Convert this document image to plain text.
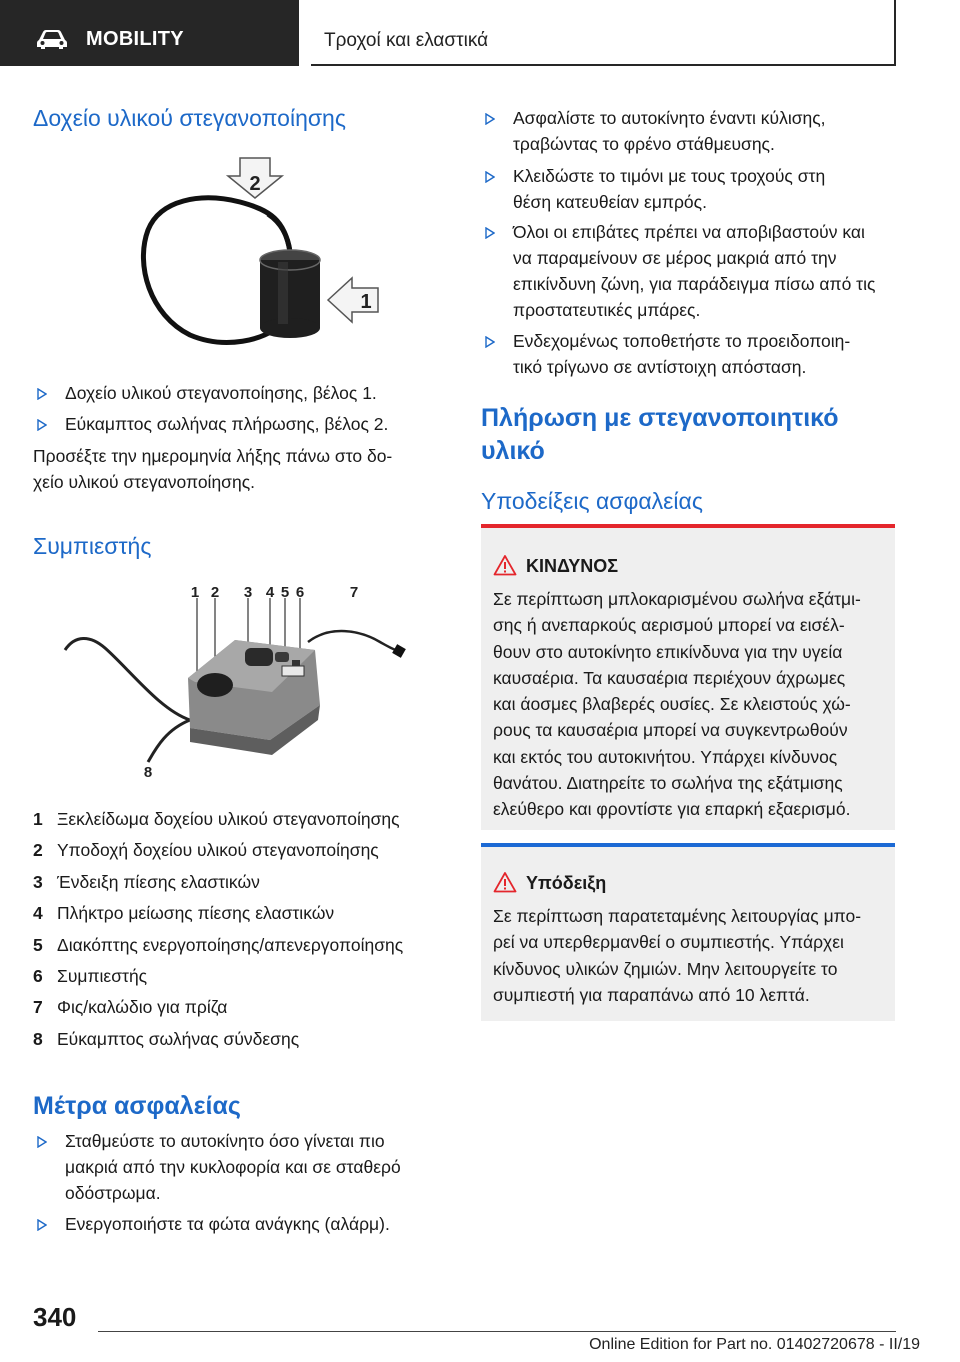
MOBILITY	Τροχοί και ελαστικά
Δοχείο υλικού στεγανοποίησης
2
1
Δοχείο υλικού στεγανοποίησης, βέλος 1.
Εύκαμπτος σωλήνας πλήρωσης, βέλος 2.
Προσέξτε την ημερομηνία λήξης πάνω στο δο-
χείο υλικού στεγανοποίησης.
Συμπιεστής
1 2 3 4 5 6	7
8
1 Ξεκλείδωμα δοχείου υλικού στεγανοποίησης
2 Υποδοχή δοχείου υλικού στεγανοποίησης
3 Ένδειξη πίεσης ελαστικών
4 Πλήκτρο μείωσης πίεσης ελαστικών
5 Διακόπτης ενεργοποίησης/απενεργοποίησης
6 Συμπιεστής
7 Φις/καλώδιο για πρίζα
8 Εύκαμπτος σωλήνας σύνδεσης
Μέτρα ασφαλείας
Σταθμεύστε το αυτοκίνητο όσο γίνεται πιο
μακριά από την κυκλοφορία και σε σταθερό
οδόστρωμα.
Ενεργοποιήστε τα φώτα ανάγκης (αλάρμ).
Ασφαλίστε το αυτοκίνητο έναντι κύλισης,
τραβώντας το φρένο στάθμευσης.
Κλειδώστε το τιμόνι με τους τροχούς στη
θέση κατευθείαν εμπρός.
Όλοι οι επιβάτες πρέπει να αποβιβαστούν και
να παραμείνουν σε μέρος μακριά από την
επικίνδυνη ζώνη, για παράδειγμα πίσω από τις
προστατευτικές μπάρες.
Ενδεχομένως τοποθετήστε το προειδοποιη-
τικό τρίγωνο σε αντίστοιχη απόσταση.
Πλήρωση με στεγανοποιητικό
υλικό
Υποδείξεις ασφαλείας
ΚΙΝΔΥΝΟΣ
Σε περίπτωση μπλοκαρισμένου σωλήνα εξάτμι-
σης ή ανεπαρκούς αερισμού μπορεί να εισέλ-
θουν στο αυτοκίνητο επικίνδυνα για την υγεία
καυσαέρια. Τα καυσαέρια περιέχουν άχρωμες
και άοσμες βλαβερές ουσίες. Σε κλειστούς χώ-
ρους τα καυσαέρια μπορεί να συγκεντρωθούν
και εκτός του αυτοκινήτου. Υπάρχει κίνδυνος
θανάτου. Διατηρείτε το σωλήνα της εξάτμισης
ελεύθερο και φροντίστε για επαρκή εξαερισμό.
Υπόδειξη
Σε περίπτωση παρατεταμένης λειτουργίας μπο-
ρεί να υπερθερμανθεί ο συμπιεστής. Υπάρχει
κίνδυνος υλικών ζημιών. Μην λειτουργείτε το
συμπιεστή για παραπάνω από 10 λεπτά.
340
Online Edition for Part no. 01402720678 - II/19
